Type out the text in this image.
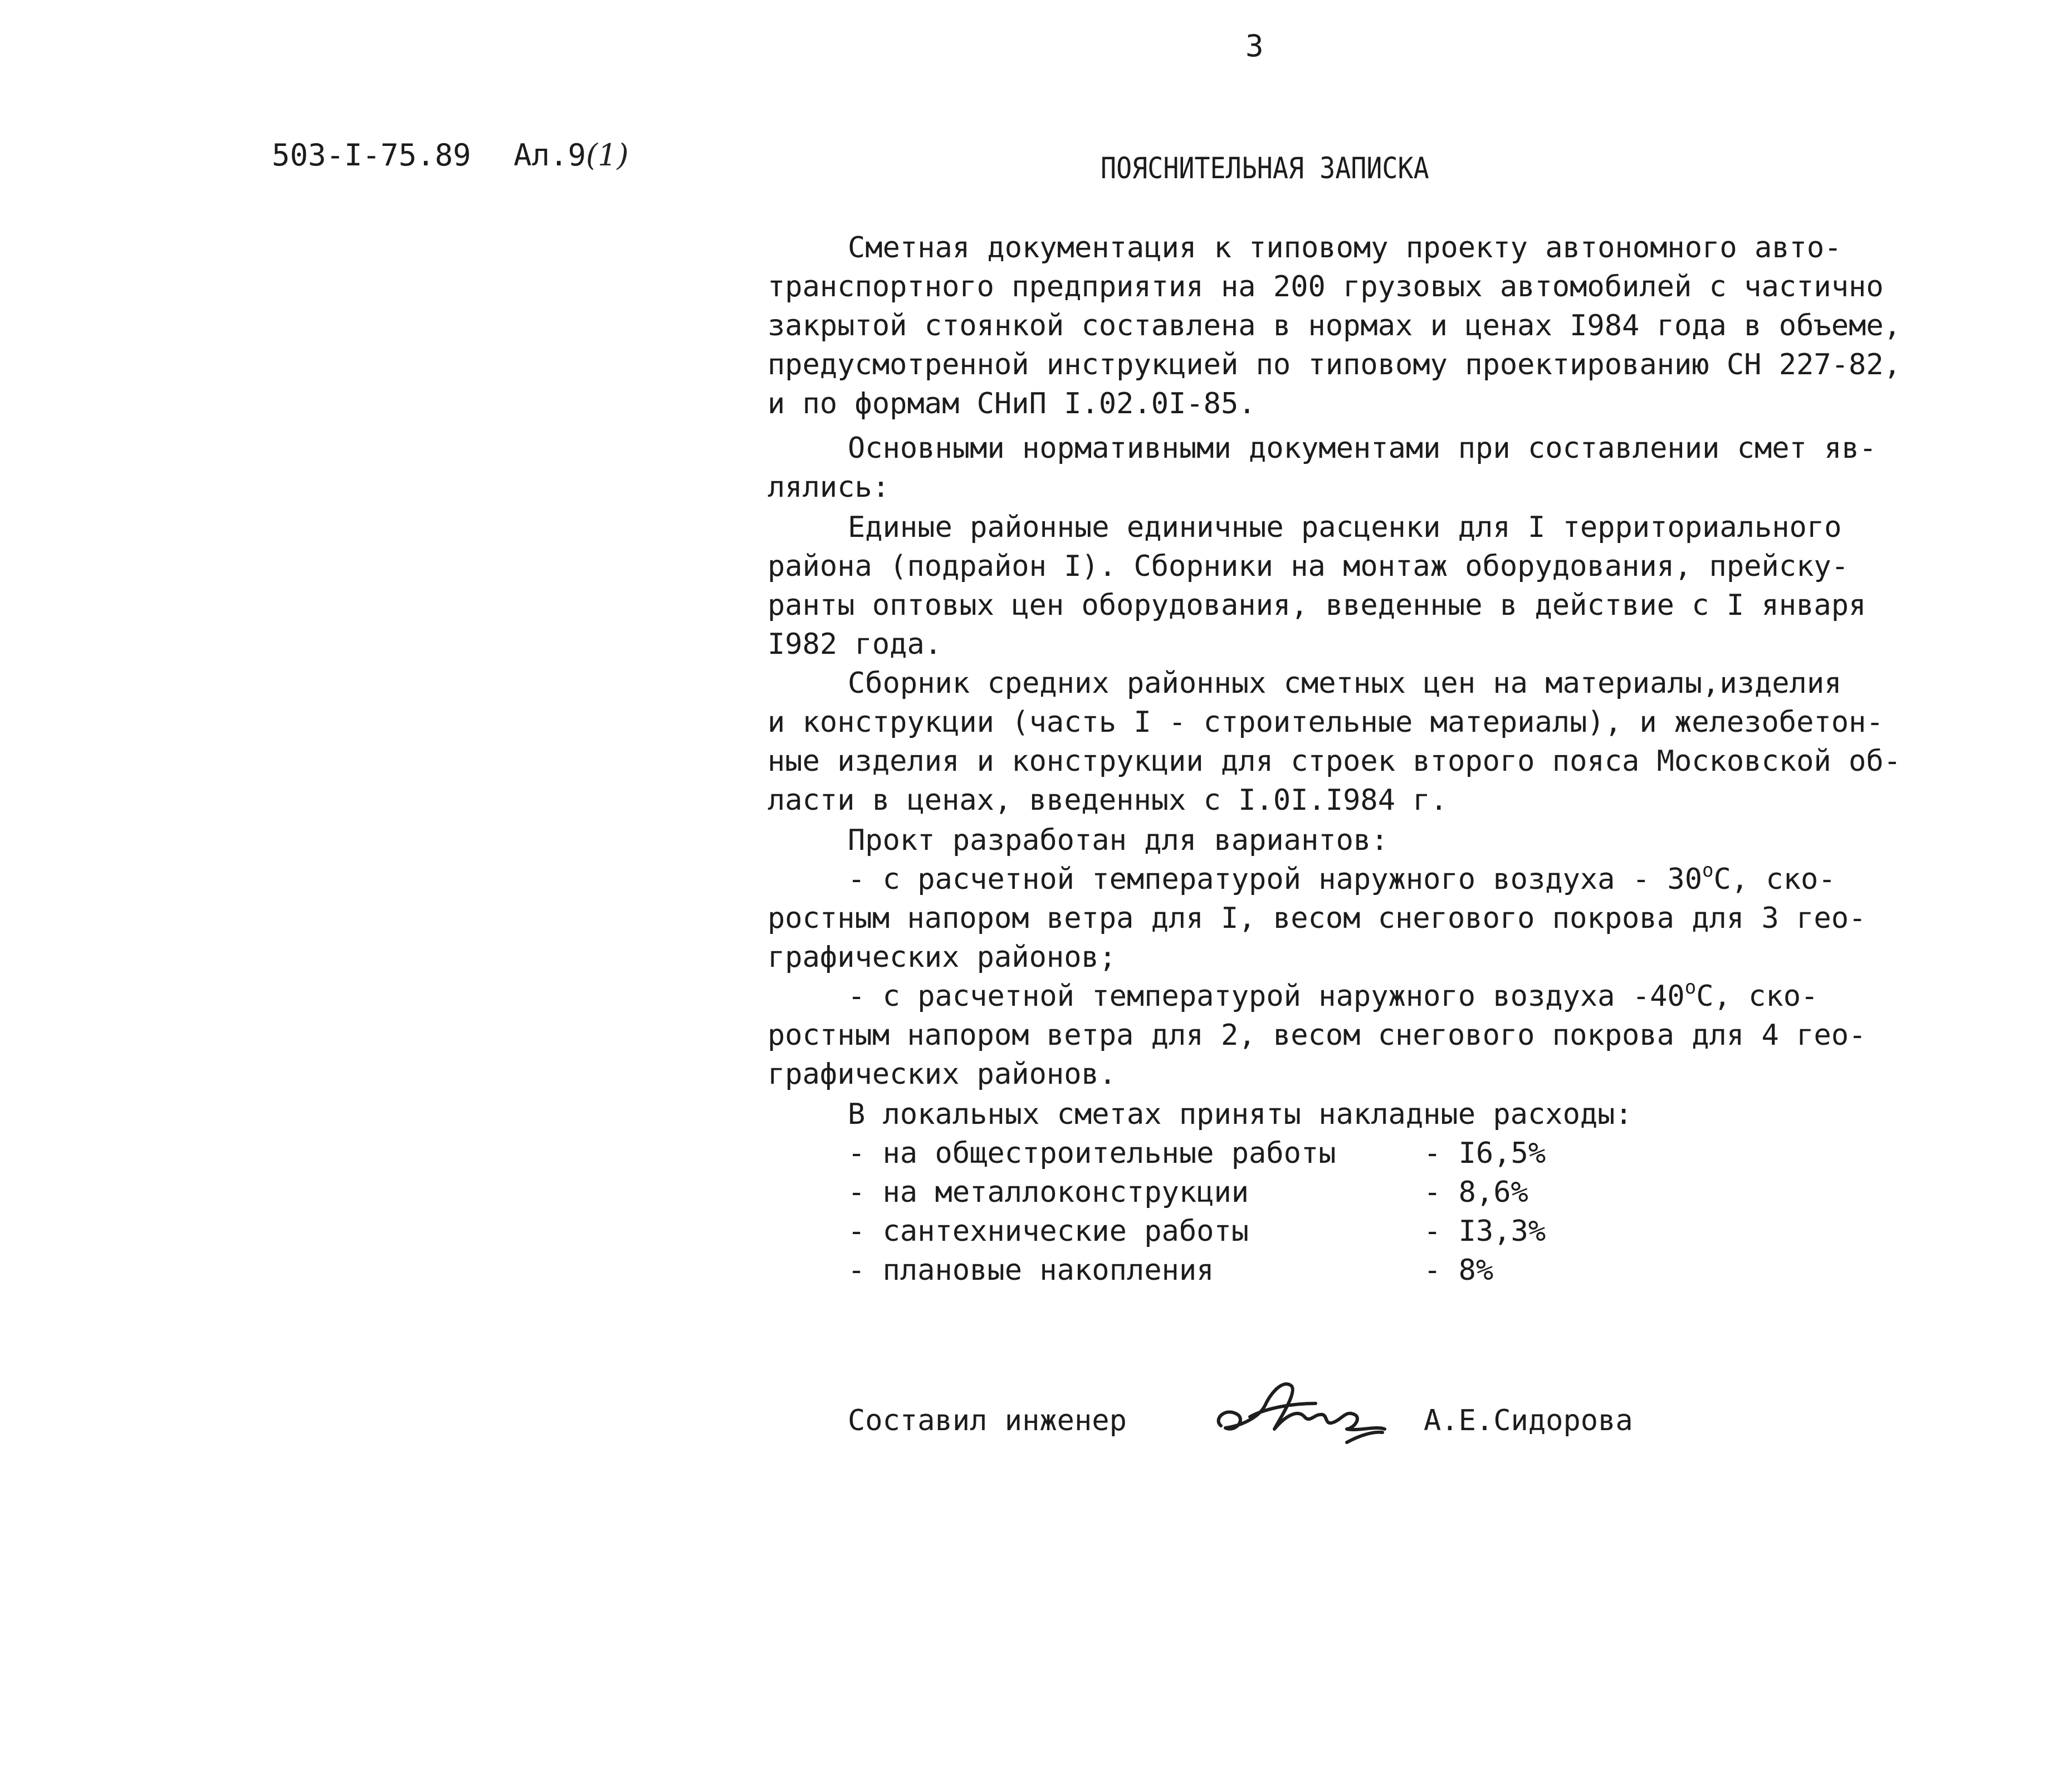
3
503-I-75.89 Ал.9(1)	ПОЯСНИТЕЛЬНАЯ ЗАПИСКА
Сметная документация к типовому проекту автономного авто-
транспортного предприятия на 200 грузовых автомобилей с частично
закрытой стоянкой составлена в нормах и ценах I984 года в объеме,
предусмотренной инструкцией по типовому проектированию СН 227-82,
и по формам СНиП I.02.0I-85.
Основными нормативными документами при составлении смет яв-
лялись:
Единые районные единичные расценки для I территориального
района (подрайон I). Сборники на монтаж оборудования, прейску-
ранты оптовых цен оборудования, введенные в действие с I января
I982 года.
Сборник средних районных сметных цен на материалы,изделия
и конструкции (часть I - строительные материалы), и железобетон-
ные изделия и конструкции для строек второго пояса Московской об-
ласти в ценах, введенных с I.0I.I984 г.
Прокт разработан для вариантов:
- с расчетной температурой наружного воздуха - $30^оС$, ско-
ростным напором ветра для I, весом снегового покрова для 3 гео-
графических районов;
- с расчетной температурой наружного воздуха $-40^оС$, ско-
ростным напором ветра для 2, весом снегового покрова для 4 гео-
графических районов.
В локальных сметах приняты накладные расходы:
- на общестроительные работы	- I6,5%
- на металлоконструкции	- 8,6%
- сантехнические работы	- I3,3%
- плановые накопления	- 8%
Составил инженер	А.Е.Сидорова
